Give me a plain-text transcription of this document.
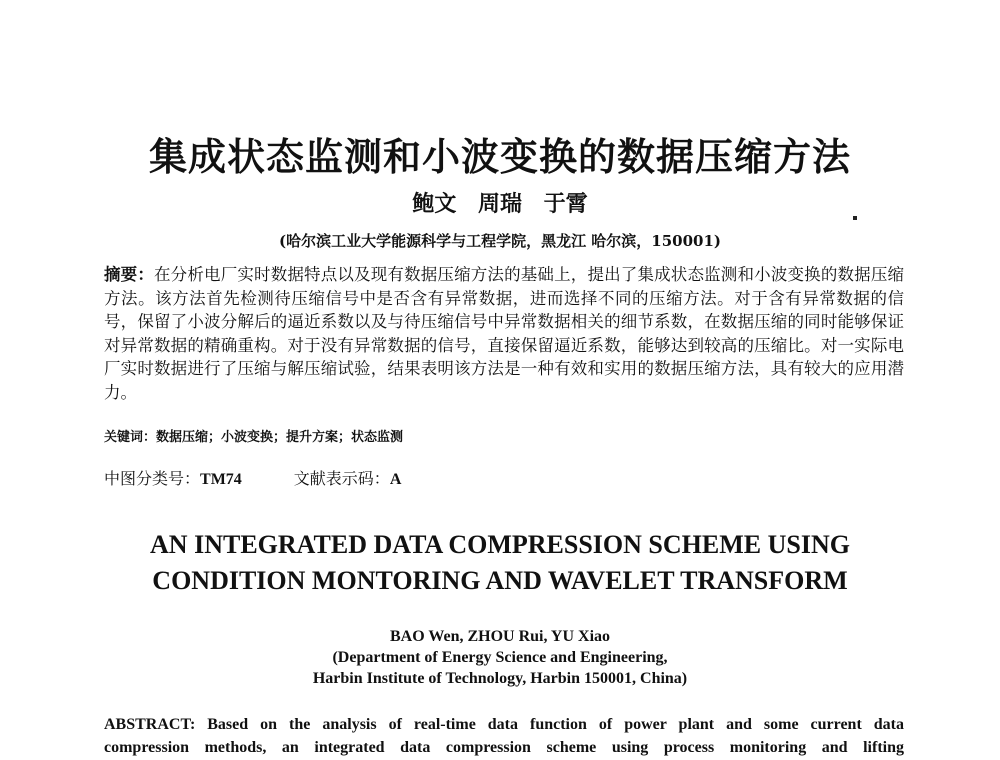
集成状态监测和小波变换的数据压缩方法
鲍文 周瑞 于霄
(哈尔滨工业大学能源科学与工程学院，黑龙江 哈尔滨，150001)
摘要：在分析电厂实时数据特点以及现有数据压缩方法的基础上，提出了集成状态监测和小波变换的数据压缩方法。该方法首先检测待压缩信号中是否含有异常数据，进而选择不同的压缩方法。对于含有异常数据的信号，保留了小波分解后的逼近系数以及与待压缩信号中异常数据相关的细节系数，在数据压缩的同时能够保证对异常数据的精确重构。对于没有异常数据的信号，直接保留逼近系数，能够达到较高的压缩比。对一实际电厂实时数据进行了压缩与解压缩试验，结果表明该方法是一种有效和实用的数据压缩方法，具有较大的应用潜力。
关键词：数据压缩；小波变换；提升方案；状态监测
中图分类号：TM74	文献表示码：A
AN INTEGRATED DATA COMPRESSION SCHEME USING
CONDITION MONTORING AND WAVELET TRANSFORM
BAO Wen, ZHOU Rui, YU Xiao
(Department of Energy Science and Engineering,
Harbin Institute of Technology, Harbin 150001, China)
ABSTRACT: Based on the analysis of real-time data function of power plant and some current data
compression methods, an integrated data compression scheme using process monitoring and lifting
